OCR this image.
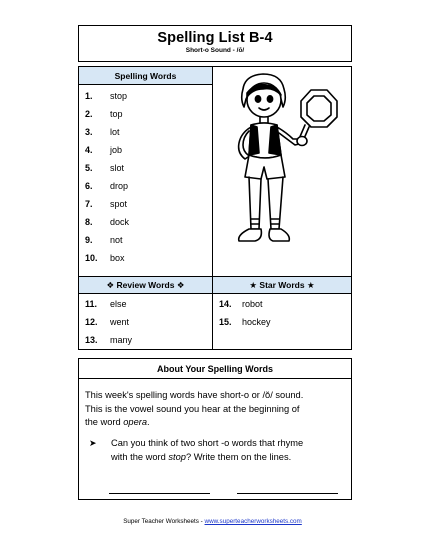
Spelling List B-4
Short-o Sound - /ŏ/
Spelling Words
1. stop
2. top
3. lot
4. job
5. slot
6. drop
7. spot
8. dock
9. not
10. box
❖ Review Words ❖
11. else
12. went
13. many
★ Star Words ★
14. robot
15. hockey
About Your Spelling Words
This week's spelling words have short-o or /ŏ/ sound.
This is the vowel sound you hear at the beginning of
the word opera.
➤ Can you think of two short -o words that rhyme
with the word stop? Write them on the lines.
Super Teacher Worksheets - www.superteacherworksheets.com
